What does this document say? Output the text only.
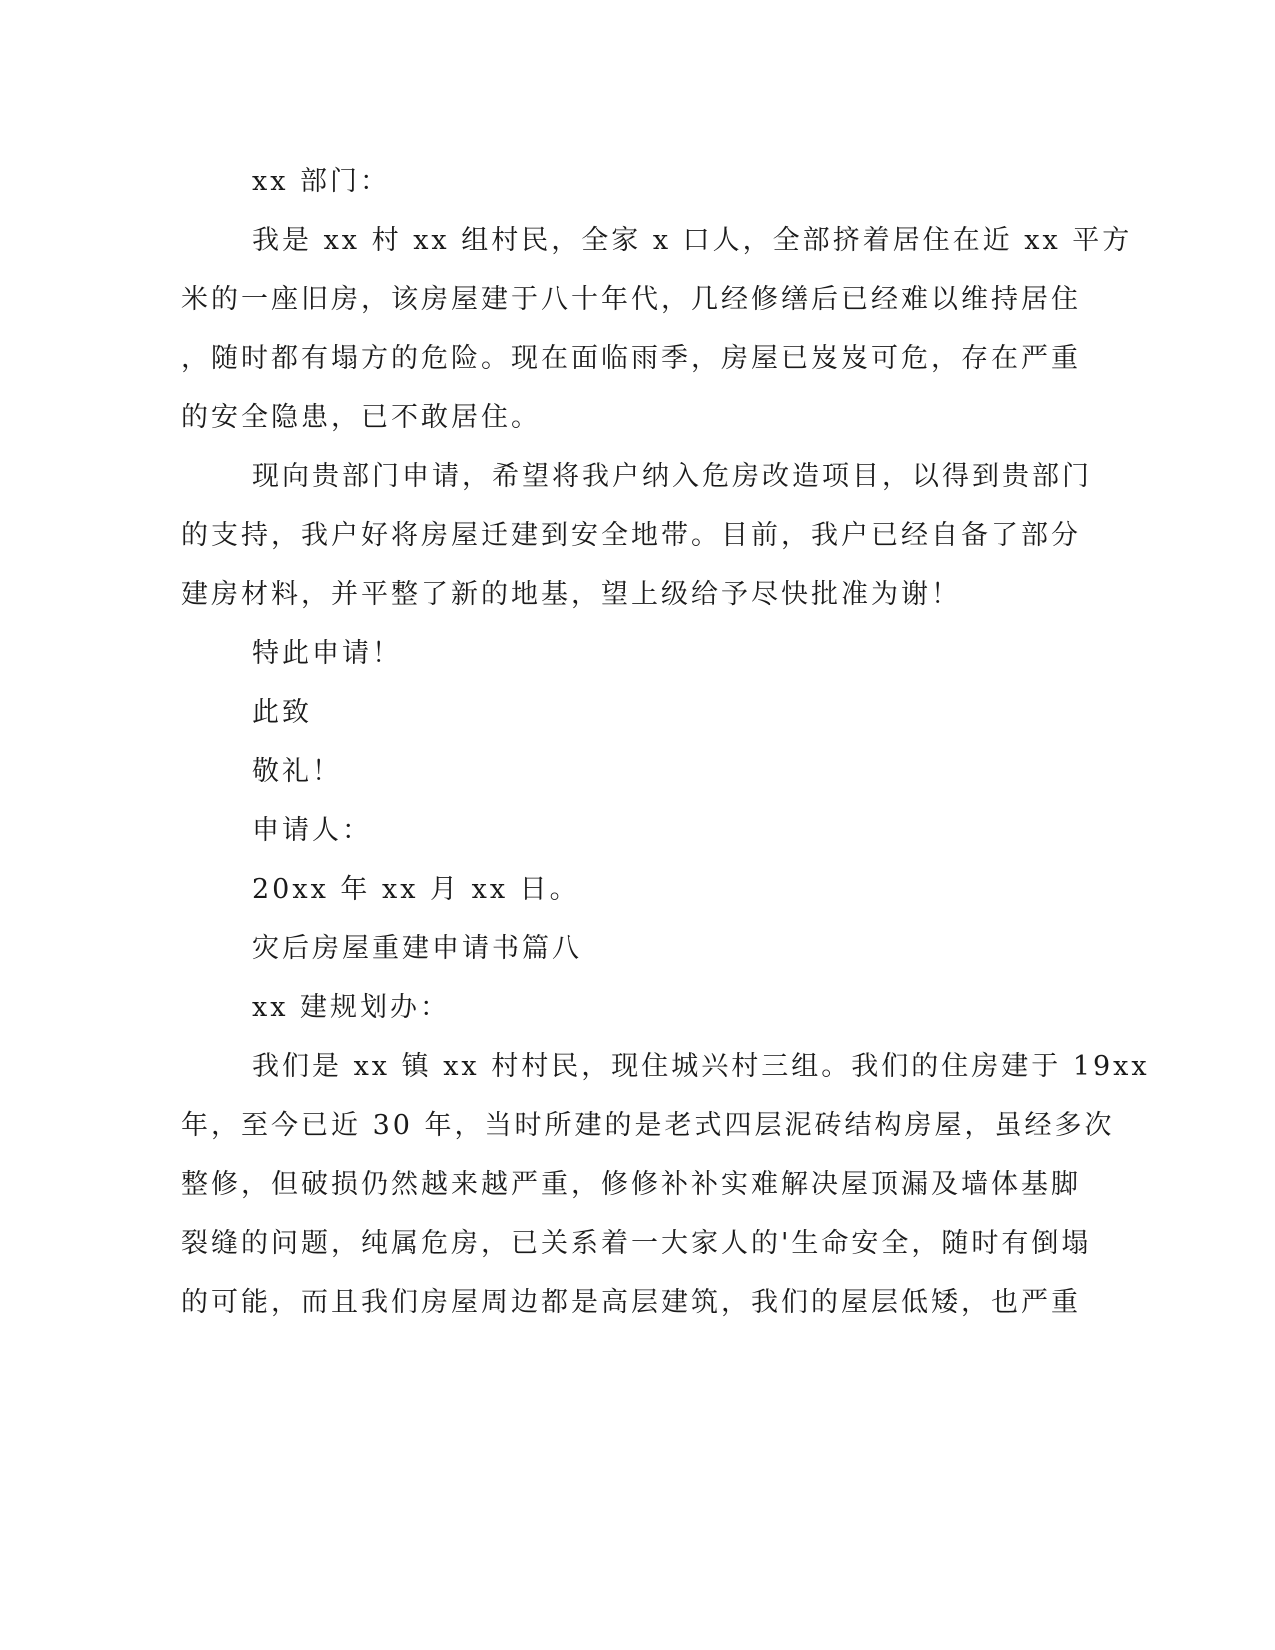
xx 部门：
我是 xx 村 xx 组村民，全家 x 口人，全部挤着居住在近 xx 平方
米的一座旧房，该房屋建于八十年代，几经修缮后已经难以维持居住
，随时都有塌方的危险。现在面临雨季，房屋已岌岌可危，存在严重
的安全隐患，已不敢居住。
现向贵部门申请，希望将我户纳入危房改造项目，以得到贵部门
的支持，我户好将房屋迁建到安全地带。目前，我户已经自备了部分
建房材料，并平整了新的地基，望上级给予尽快批准为谢！
特此申请！
此致
敬礼！
申请人：
20xx 年 xx 月 xx 日。
灾后房屋重建申请书篇八
xx 建规划办：
我们是 xx 镇 xx 村村民，现住城兴村三组。我们的住房建于 19xx
年，至今已近 30 年，当时所建的是老式四层泥砖结构房屋，虽经多次
整修，但破损仍然越来越严重，修修补补实难解决屋顶漏及墙体基脚
裂缝的问题，纯属危房，已关系着一大家人的'生命安全，随时有倒塌
的可能，而且我们房屋周边都是高层建筑，我们的屋层低矮，也严重
